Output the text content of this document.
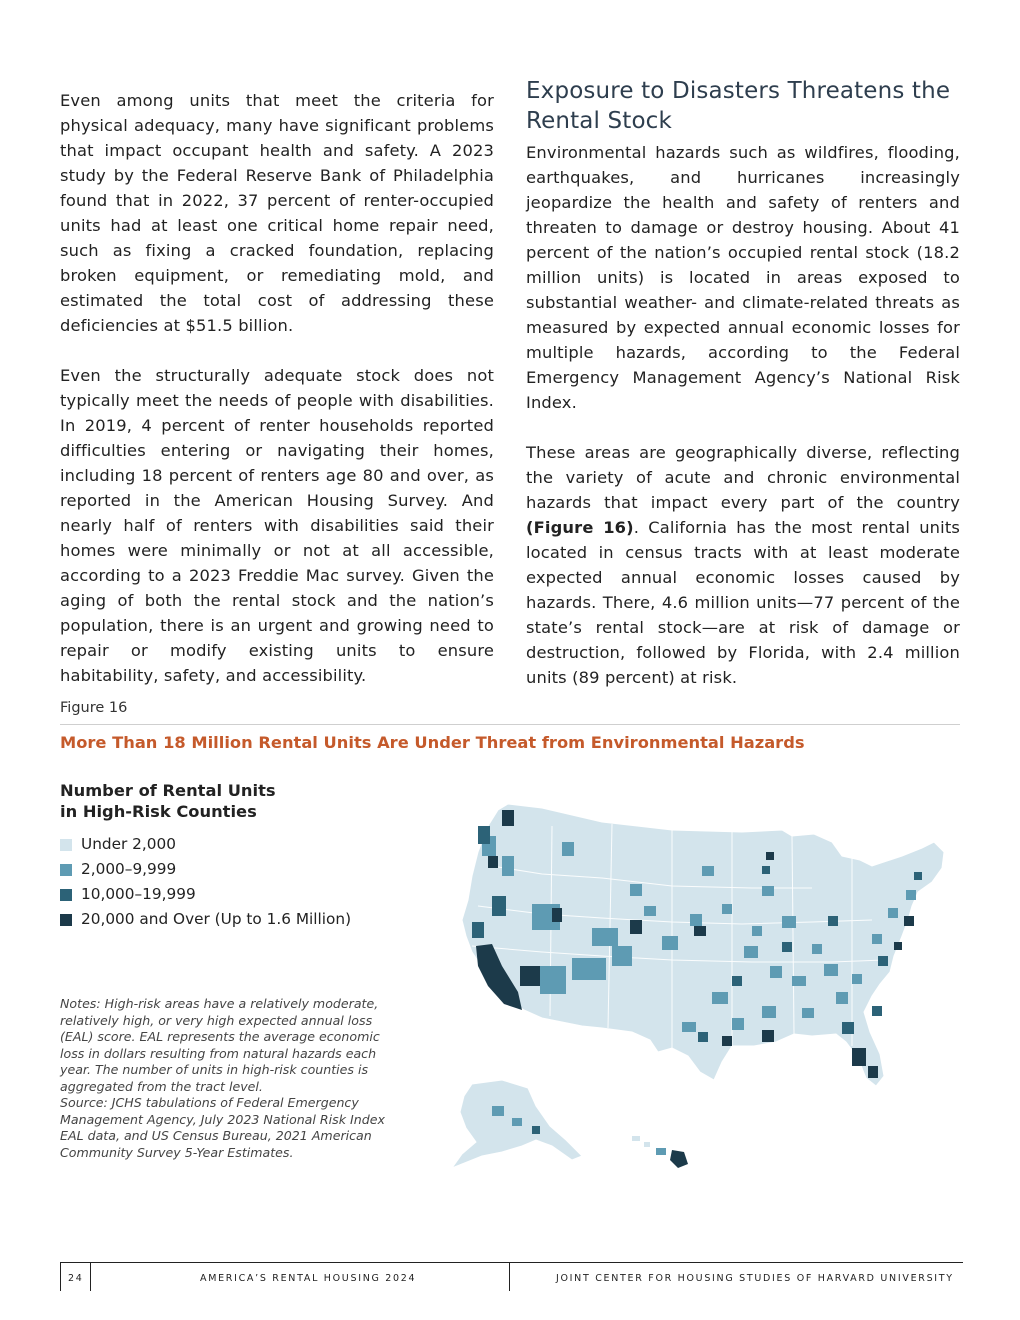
Even among units that meet the criteria for physical adequacy, many have significant problems that impact occupant health and safety. A 2023 study by the Federal Reserve Bank of Philadelphia found that in 2022, 37 percent of renter-occupied units had at least one critical home repair need, such as fixing a cracked foundation, replacing broken equipment, or remediating mold, and estimated the total cost of addressing these deficiencies at $51.5 billion.

Even the structurally adequate stock does not typically meet the needs of people with disabilities. In 2019, 4 percent of renter households reported difficulties entering or navigating their homes, including 18 percent of renters age 80 and over, as reported in the American Housing Survey. And nearly half of renters with disabilities said their homes were minimally or not at all accessible, according to a 2023 Freddie Mac survey. Given the aging of both the rental stock and the nation’s population, there is an urgent and growing need to repair or modify existing units to ensure habitability, safety, and accessibility.

Exposure to Disasters Threatens the Rental Stock

Environmental hazards such as wildfires, flooding, earthquakes, and hurricanes increasingly jeopardize the health and safety of renters and threaten to damage or destroy housing. About 41 percent of the nation’s occupied rental stock (18.2 million units) is located in areas exposed to substantial weather- and climate-related threats as measured by expected annual economic losses for multiple hazards, according to the Federal Emergency Management Agency’s National Risk Index.

These areas are geographically diverse, reflecting the variety of acute and chronic environmental hazards that impact every part of the country (Figure 16). California has the most rental units located in census tracts with at least moderate expected annual economic losses caused by hazards. There, 4.6 million units—77 percent of the state’s rental stock—are at risk of damage or destruction, followed by Florida, with 2.4 million units (89 percent) at risk.

Figure 16
More Than 18 Million Rental Units Are Under Threat from Environmental Hazards
Number of Rental Units
in High-Risk Counties
Under 2,000
2,000–9,999
10,000–19,999
20,000 and Over (Up to 1.6 Million)
Notes: High-risk areas have a relatively moderate, relatively high, or very high expected annual loss (EAL) score. EAL represents the average economic loss in dollars resulting from natural hazards each year. The number of units in high-risk counties is aggregated from the tract level.
Source: JCHS tabulations of Federal Emergency Management Agency, July 2023 National Risk Index EAL data, and US Census Bureau, 2021 American Community Survey 5-Year Estimates.
24	AMERICA’S RENTAL HOUSING 2024	JOINT CENTER FOR HOUSING STUDIES OF HARVARD UNIVERSITY
